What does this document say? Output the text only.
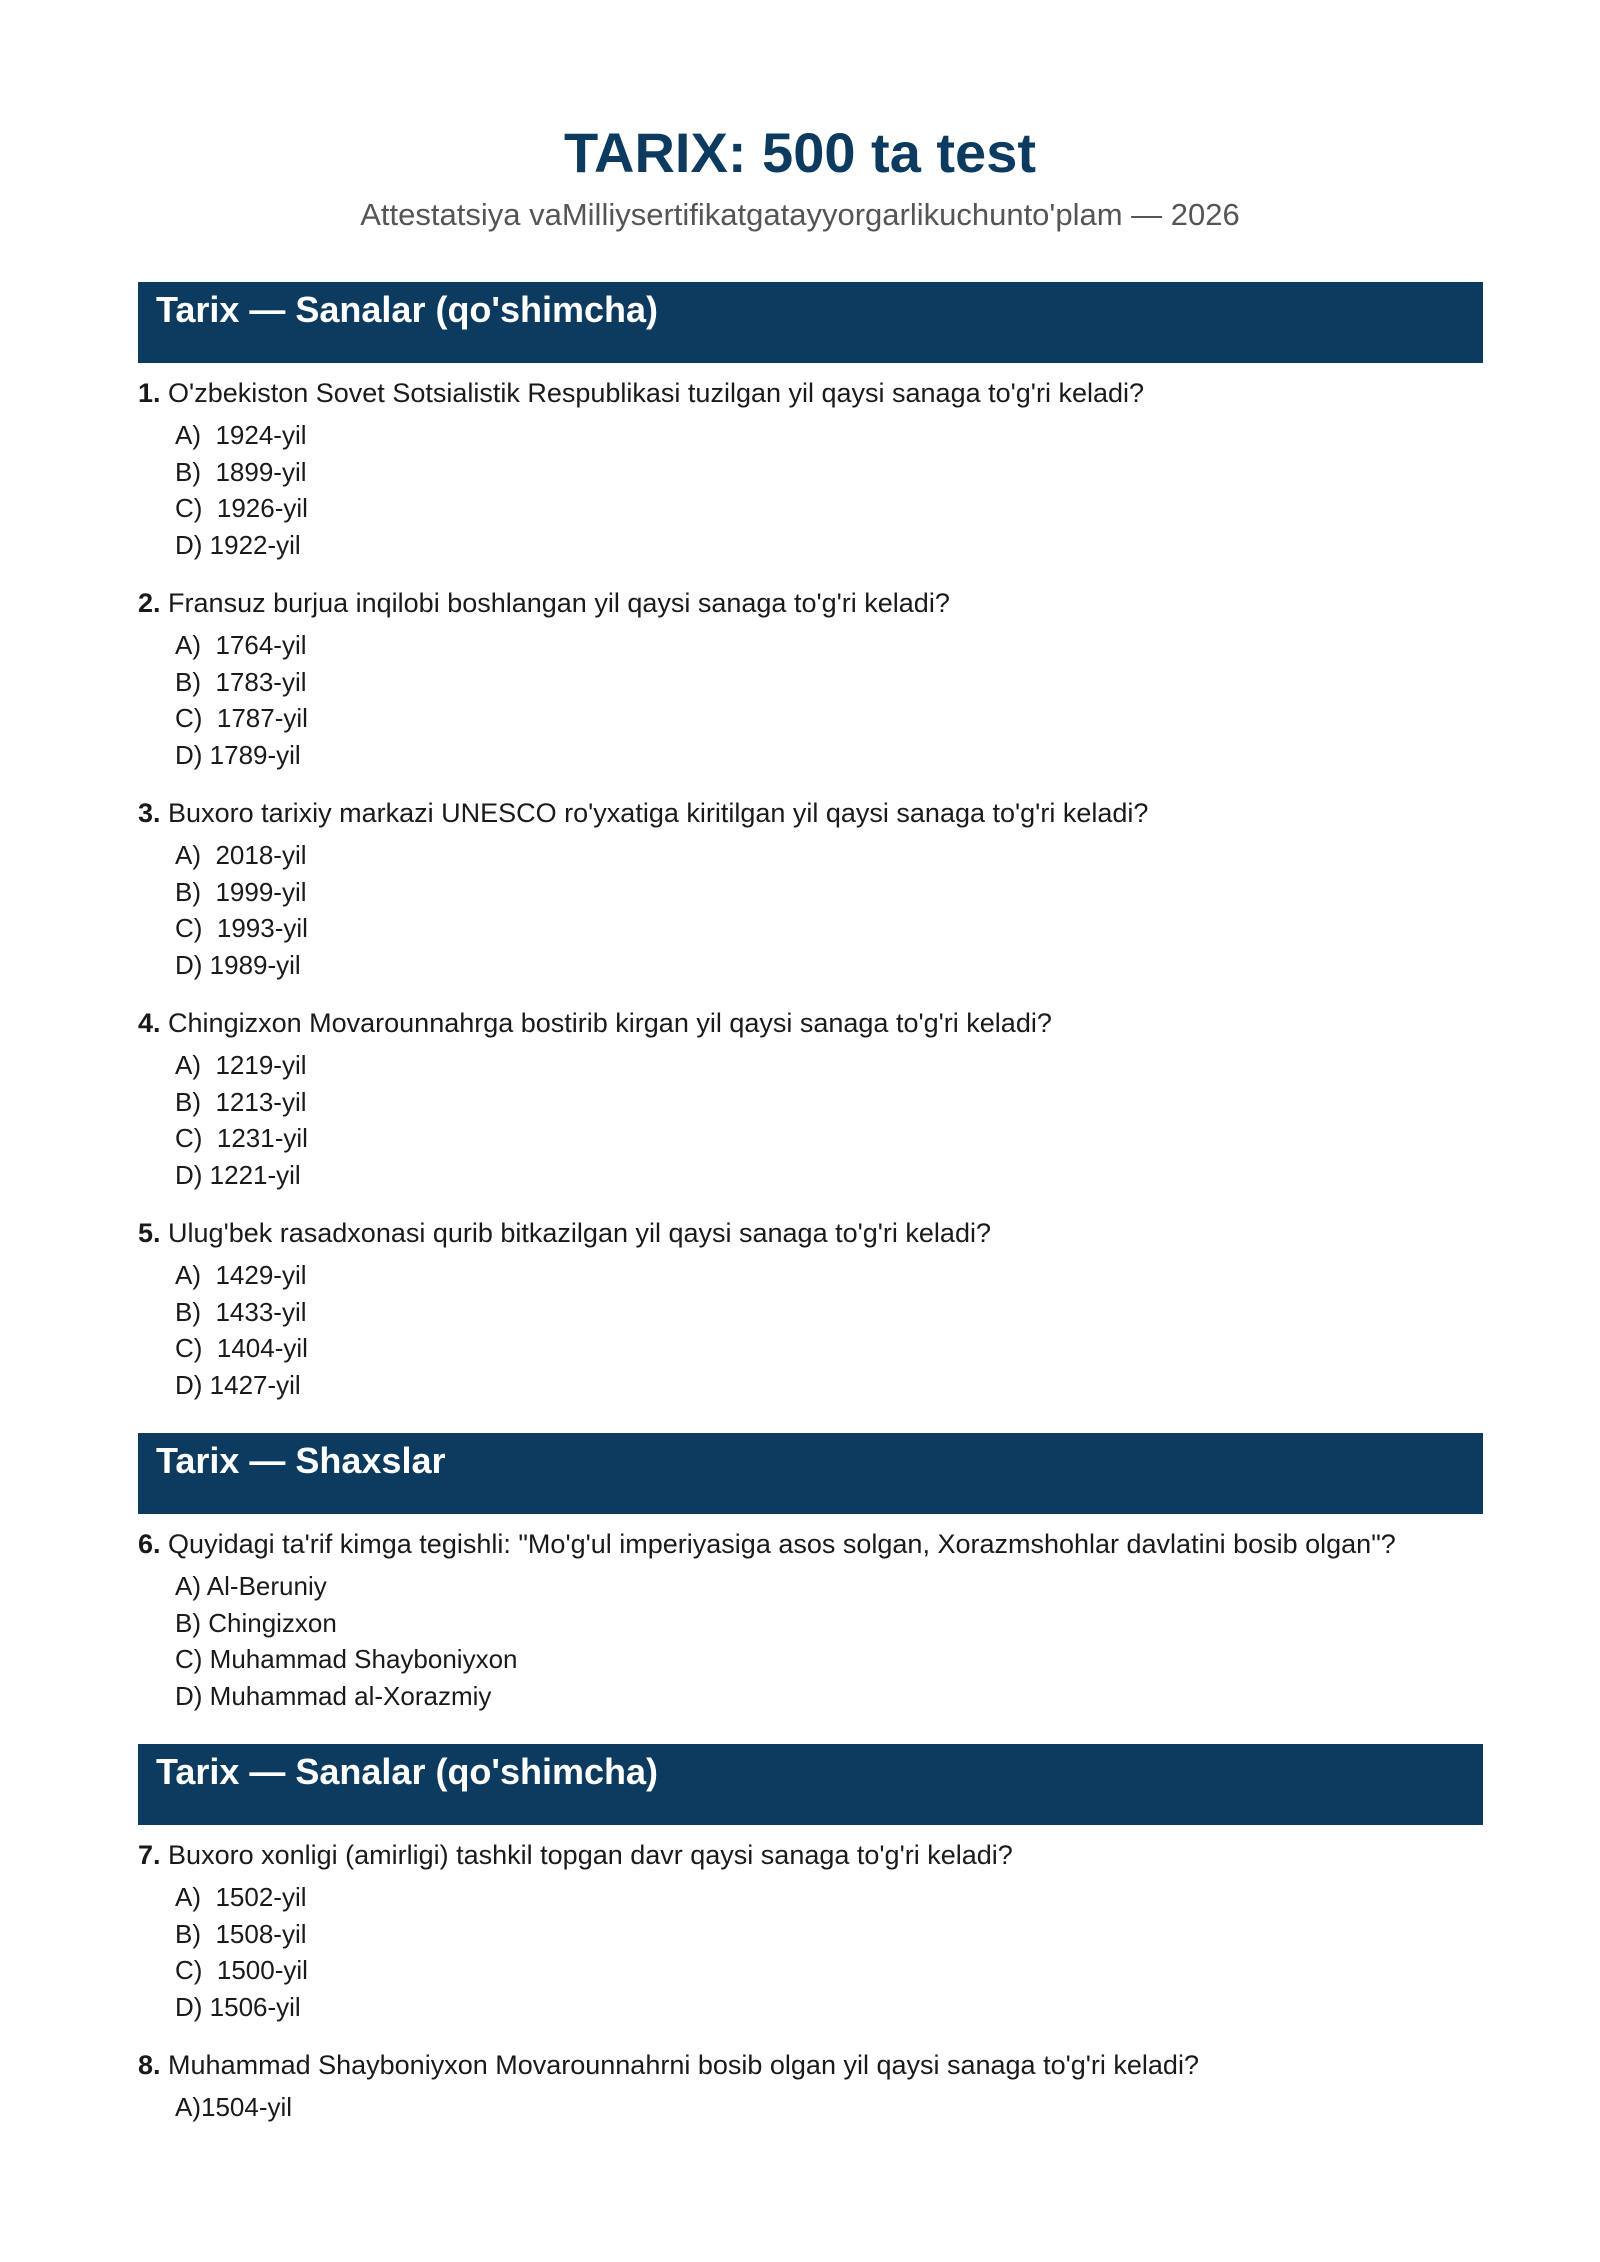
TARIX: 500 ta test
Attestatsiya vaMilliysertifikatgatayyorgarlikuchunto'plam — 2026
Tarix — Sanalar (qo'shimcha)
1. O'zbekiston Sovet Sotsialistik Respublikasi tuzilgan yil qaysi sanaga to'g'ri keladi?
A)  1924-yil
B)  1899-yil
C)  1926-yil
D) 1922-yil
2. Fransuz burjua inqilobi boshlangan yil qaysi sanaga to'g'ri keladi?
A)  1764-yil
B)  1783-yil
C)  1787-yil
D) 1789-yil
3. Buxoro tarixiy markazi UNESCO ro'yxatiga kiritilgan yil qaysi sanaga to'g'ri keladi?
A)  2018-yil
B)  1999-yil
C)  1993-yil
D) 1989-yil
4. Chingizxon Movarounnahrga bostirib kirgan yil qaysi sanaga to'g'ri keladi?
A)  1219-yil
B)  1213-yil
C)  1231-yil
D) 1221-yil
5. Ulug'bek rasadxonasi qurib bitkazilgan yil qaysi sanaga to'g'ri keladi?
A)  1429-yil
B)  1433-yil
C)  1404-yil
D) 1427-yil
Tarix — Shaxslar
6. Quyidagi ta'rif kimga tegishli: "Mo'g'ul imperiyasiga asos solgan, Xorazmshohlar davlatini bosib olgan"?
A) Al-Beruniy
B) Chingizxon
C) Muhammad Shayboniyxon
D) Muhammad al-Xorazmiy
Tarix — Sanalar (qo'shimcha)
7. Buxoro xonligi (amirligi) tashkil topgan davr qaysi sanaga to'g'ri keladi?
A)  1502-yil
B)  1508-yil
C)  1500-yil
D) 1506-yil
8. Muhammad Shayboniyxon Movarounnahrni bosib olgan yil qaysi sanaga to'g'ri keladi?
A)1504-yil
